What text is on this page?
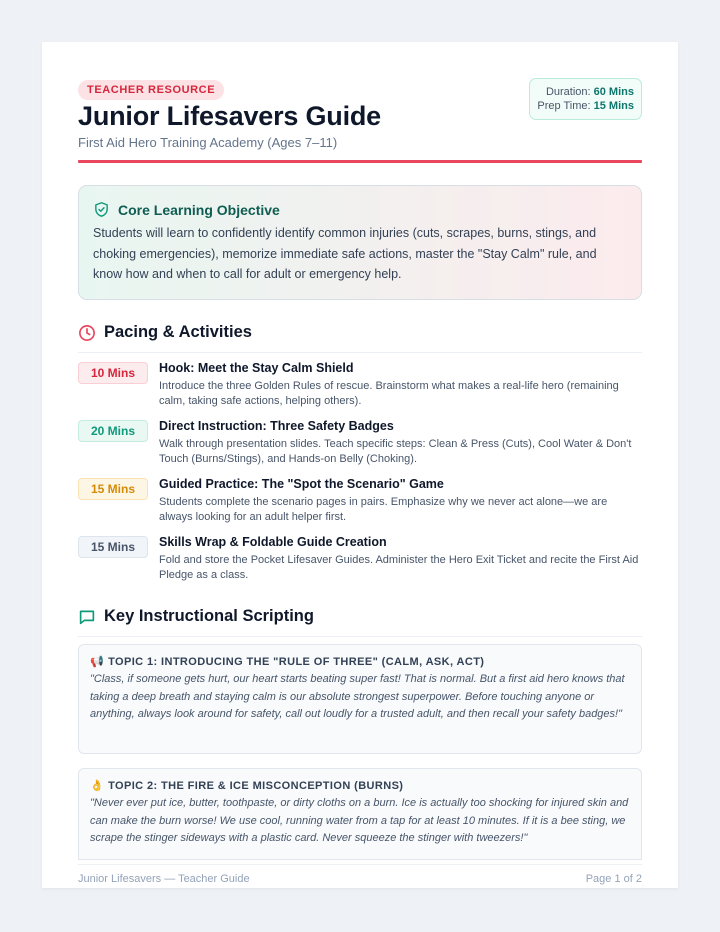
TEACHER RESOURCE
Junior Lifesavers Guide
First Aid Hero Training Academy (Ages 7–11)
Duration: 60 Mins
Prep Time: 15 Mins
Core Learning Objective
Students will learn to confidently identify common injuries (cuts, scrapes, burns, stings, and choking emergencies), memorize immediate safe actions, master the "Stay Calm" rule, and know how and when to call for adult or emergency help.
Pacing & Activities
10 Mins	Hook: Meet the Stay Calm Shield
Introduce the three Golden Rules of rescue. Brainstorm what makes a real-life hero (remaining calm, taking safe actions, helping others).
20 Mins	Direct Instruction: Three Safety Badges
Walk through presentation slides. Teach specific steps: Clean & Press (Cuts), Cool Water & Don't Touch (Burns/Stings), and Hands-on Belly (Choking).
15 Mins	Guided Practice: The "Spot the Scenario" Game
Students complete the scenario pages in pairs. Emphasize why we never act alone—we are always looking for an adult helper first.
15 Mins	Skills Wrap & Foldable Guide Creation
Fold and store the Pocket Lifesaver Guides. Administer the Hero Exit Ticket and recite the First Aid Pledge as a class.
Key Instructional Scripting
📢 TOPIC 1: INTRODUCING THE "RULE OF THREE" (CALM, ASK, ACT)
"Class, if someone gets hurt, our heart starts beating super fast! That is normal. But a first aid hero knows that taking a deep breath and staying calm is our absolute strongest superpower. Before touching anyone or anything, always look around for safety, call out loudly for a trusted adult, and then recall your safety badges!"
👌 TOPIC 2: THE FIRE & ICE MISCONCEPTION (BURNS)
"Never ever put ice, butter, toothpaste, or dirty cloths on a burn. Ice is actually too shocking for injured skin and can make the burn worse! We use cool, running water from a tap for at least 10 minutes. If it is a bee sting, we scrape the stinger sideways with a plastic card. Never squeeze the stinger with tweezers!"
Junior Lifesavers — Teacher Guide	Page 1 of 2
